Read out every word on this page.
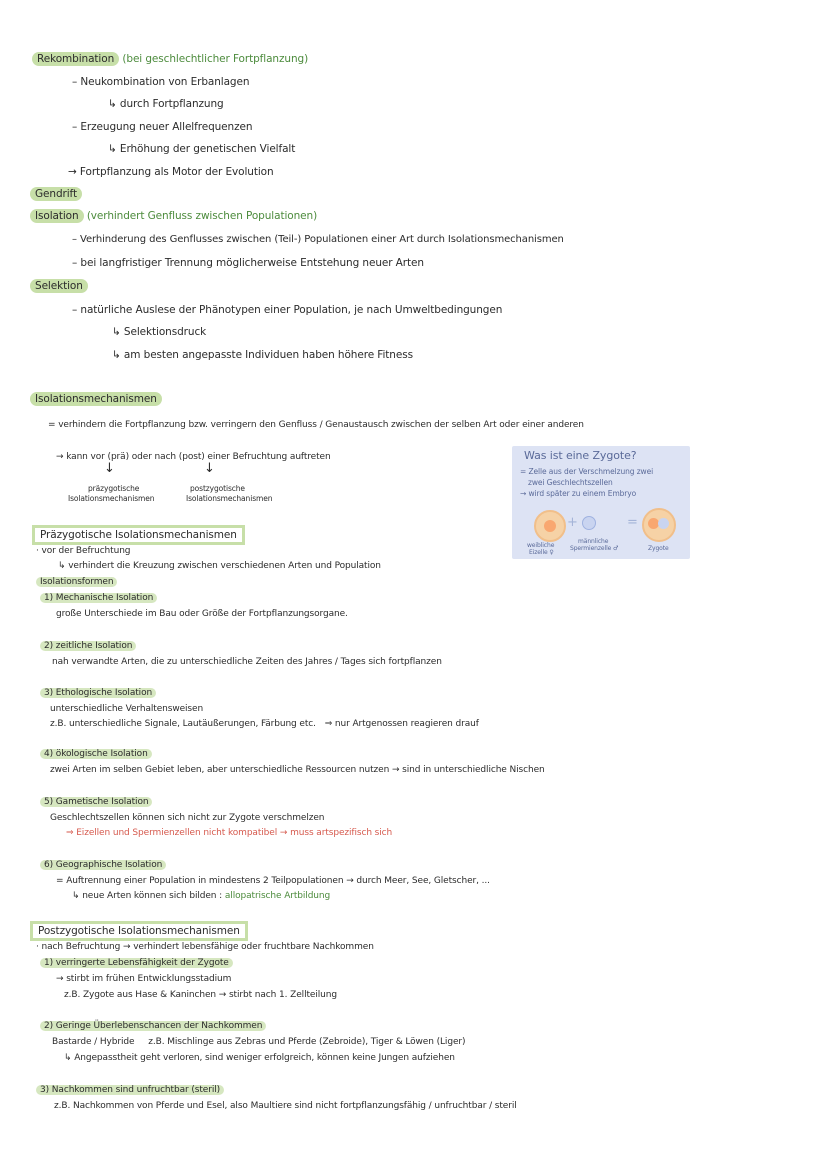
Rekombination (bei geschlechtlicher Fortpflanzung)
– Neukombination von Erbanlagen
↳ durch Fortpflanzung
– Erzeugung neuer Allelfrequenzen
↳ Erhöhung der genetischen Vielfalt
→ Fortpflanzung als Motor der Evolution
Gendrift
Isolation (verhindert Genfluss zwischen Populationen)
– Verhinderung des Genflusses zwischen (Teil-) Populationen einer Art durch Isolationsmechanismen
– bei langfristiger Trennung möglicherweise Entstehung neuer Arten
Selektion
– natürliche Auslese der Phänotypen einer Population, je nach Umweltbedingungen
↳ Selektionsdruck
↳ am besten angepasste Individuen haben höhere Fitness
Isolationsmechanismen
= verhindern die Fortpflanzung bzw. verringern den Genfluss / Genaustausch zwischen der selben Art oder einer anderen
→ kann vor (prä) oder nach (post) einer Befruchtung auftreten
↓	↓
präzygotische
Isolationsmechanismen
postzygotische
Isolationsmechanismen
Was ist eine Zygote?
= Zelle aus der Verschmelzung zwei
zwei Geschlechtszellen
→ wird später zu einem Embryo
+	=
weibliche
Eizelle ♀
männliche
Spermienzelle ♂	Zygote
Präzygotische Isolationsmechanismen
· vor der Befruchtung
↳ verhindert die Kreuzung zwischen verschiedenen Arten und Population
Isolationsformen
1) Mechanische Isolation
große Unterschiede im Bau oder Größe der Fortpflanzungsorgane.
2) zeitliche Isolation
nah verwandte Arten, die zu unterschiedliche Zeiten des Jahres / Tages sich fortpflanzen
3) Ethologische Isolation
unterschiedliche Verhaltensweisen
z.B. unterschiedliche Signale, Lautäußerungen, Färbung etc. ⇒ nur Artgenossen reagieren drauf
4) ökologische Isolation
zwei Arten im selben Gebiet leben, aber unterschiedliche Ressourcen nutzen → sind in unterschiedliche Nischen
5) Gametische Isolation
Geschlechtszellen können sich nicht zur Zygote verschmelzen
⇒ Eizellen und Spermienzellen nicht kompatibel → muss artspezifisch sich
6) Geographische Isolation
= Auftrennung einer Population in mindestens 2 Teilpopulationen → durch Meer, See, Gletscher, ...
↳ neue Arten können sich bilden : allopatrische Artbildung
Postzygotische Isolationsmechanismen
· nach Befruchtung → verhindert lebensfähige oder fruchtbare Nachkommen
1) verringerte Lebensfähigkeit der Zygote
→ stirbt im frühen Entwicklungsstadium
z.B. Zygote aus Hase & Kaninchen → stirbt nach 1. Zellteilung
2) Geringe Überlebenschancen der Nachkommen
Bastarde / Hybride     z.B. Mischlinge aus Zebras und Pferde (Zebroide), Tiger & Löwen (Liger)
↳ Angepasstheit geht verloren, sind weniger erfolgreich, können keine Jungen aufziehen
3) Nachkommen sind unfruchtbar (steril)
z.B. Nachkommen von Pferde und Esel, also Maultiere sind nicht fortpflanzungsfähig / unfruchtbar / steril
